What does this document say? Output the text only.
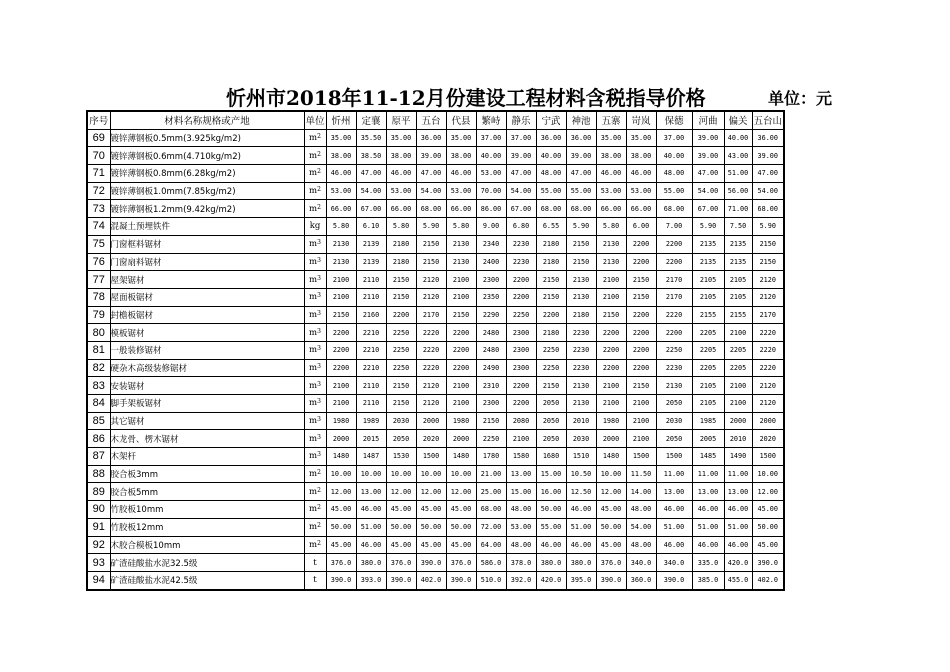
忻州市2018年11-12月份建设工程材料含税指导价格	单位：元
序号	材料名称规格或产地	单位	忻州	定襄	原平	五台	代县	繁峙	静乐	宁武	神池	五寨	岢岚	保德	河曲	偏关	五台山
69	镀锌薄钢板0.5mm(3.925kg/m2)	$m^2$	35.00	35.50	35.00	36.00	35.00	37.00	37.00	36.00	36.00	35.00	35.00	37.00	39.00	40.00	36.00
70	镀锌薄钢板0.6mm(4.710kg/m2)	$m^2$	38.00	38.50	38.00	39.00	38.00	40.00	39.00	40.00	39.00	38.00	38.00	40.00	39.00	43.00	39.00
71	镀锌薄钢板0.8mm(6.28kg/m2)	$m^2$	46.00	47.00	46.00	47.00	46.00	53.00	47.00	48.00	47.00	46.00	46.00	48.00	47.00	51.00	47.00
72	镀锌薄钢板1.0mm(7.85kg/m2)	$m^2$	53.00	54.00	53.00	54.00	53.00	70.00	54.00	55.00	55.00	53.00	53.00	55.00	54.00	56.00	54.00
73	镀锌薄钢板1.2mm(9.42kg/m2)	$m^2$	66.00	67.00	66.00	68.00	66.00	86.00	67.00	68.00	68.00	66.00	66.00	68.00	67.00	71.00	68.00
74	混凝土预埋铁件	kg	5.80	6.10	5.80	5.90	5.80	9.00	6.80	6.55	5.90	5.80	6.00	7.00	5.90	7.50	5.90
75	门窗框料锯材	$m^3$	2130	2139	2180	2150	2130	2340	2230	2180	2150	2130	2200	2200	2135	2135	2150
76	门窗扇料锯材	$m^3$	2130	2139	2180	2150	2130	2400	2230	2180	2150	2130	2200	2200	2135	2135	2150
77	屋架锯材	$m^3$	2100	2110	2150	2120	2100	2300	2200	2150	2130	2100	2150	2170	2105	2105	2120
78	屋面板锯材	$m^3$	2100	2110	2150	2120	2100	2350	2200	2150	2130	2100	2150	2170	2105	2105	2120
79	封檐板锯材	$m^3$	2150	2160	2200	2170	2150	2290	2250	2200	2180	2150	2200	2220	2155	2155	2170
80	模板锯材	$m^3$	2200	2210	2250	2220	2200	2480	2300	2180	2230	2200	2200	2200	2205	2100	2220
81	一般装修锯材	$m^3$	2200	2210	2250	2220	2200	2480	2300	2250	2230	2200	2200	2250	2205	2205	2220
82	硬杂木高级装修锯材	$m^3$	2200	2210	2250	2220	2200	2490	2300	2250	2230	2200	2200	2230	2205	2205	2220
83	安装锯材	$m^3$	2100	2110	2150	2120	2100	2310	2200	2150	2130	2100	2150	2130	2105	2100	2120
84	脚手架板锯材	$m^3$	2100	2110	2150	2120	2100	2300	2200	2050	2130	2100	2100	2050	2105	2100	2120
85	其它锯材	$m^3$	1980	1989	2030	2000	1980	2150	2080	2050	2010	1980	2100	2030	1985	2000	2000
86	木龙骨、楞木锯材	$m^3$	2000	2015	2050	2020	2000	2250	2100	2050	2030	2000	2100	2050	2005	2010	2020
87	木架杆	$m^3$	1480	1487	1530	1500	1480	1780	1580	1680	1510	1480	1500	1500	1485	1490	1500
88	胶合板3mm	$m^2$	10.00	10.00	10.00	10.00	10.00	21.00	13.00	15.00	10.50	10.00	11.50	11.00	11.00	11.00	10.00
89	胶合板5mm	$m^2$	12.00	13.00	12.00	12.00	12.00	25.00	15.00	16.00	12.50	12.00	14.00	13.00	13.00	13.00	12.00
90	竹胶板10mm	$m^2$	45.00	46.00	45.00	45.00	45.00	68.00	48.00	50.00	46.00	45.00	48.00	46.00	46.00	46.00	45.00
91	竹胶板12mm	$m^2$	50.00	51.00	50.00	50.00	50.00	72.00	53.00	55.00	51.00	50.00	54.00	51.00	51.00	51.00	50.00
92	木胶合模板10mm	$m^2$	45.00	46.00	45.00	45.00	45.00	64.00	48.00	46.00	46.00	45.00	48.00	46.00	46.00	46.00	45.00
93	矿渣硅酸盐水泥32.5级	t	376.0	380.0	376.0	390.0	376.0	586.0	378.0	380.0	380.0	376.0	340.0	340.0	335.0	420.0	390.0
94	矿渣硅酸盐水泥42.5级	t	390.0	393.0	390.0	402.0	390.0	510.0	392.0	420.0	395.0	390.0	360.0	390.0	385.0	455.0	402.0
